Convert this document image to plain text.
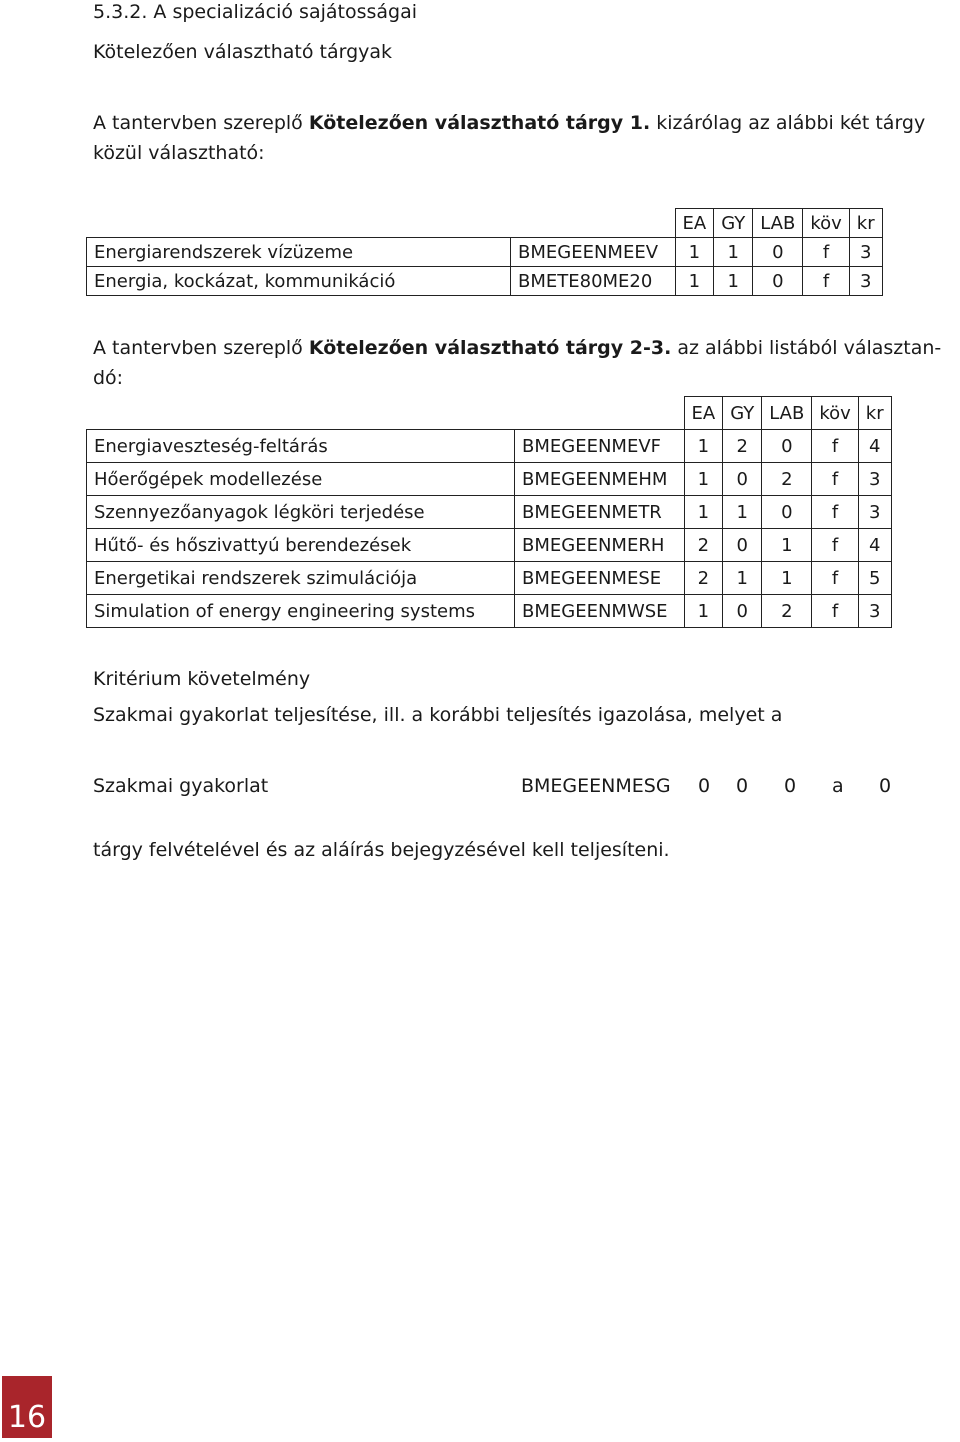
5.3.2. A specializáció sajátosságai
Kötelezően választható tárgyak
A tantervben szereplő Kötelezően választható tárgy 1. kizárólag az alábbi két tárgy
közül választható:
		EA	GY	LAB	köv	kr
Energiarendszerek vízüzeme	BMEGEENMEEV	1	1	0	f	3
Energia, kockázat, kommunikáció	BMETE80ME20	1	1	0	f	3
A tantervben szereplő Kötelezően választható tárgy 2-3. az alábbi listából választan-
dó:
		EA	GY	LAB	köv	kr
Energiaveszteség-feltárás	BMEGEENMEVF	1	2	0	f	4
Hőerőgépek modellezése	BMEGEENMEHM	1	0	2	f	3
Szennyezőanyagok légköri terjedése	BMEGEENMETR	1	1	0	f	3
Hűtő- és hőszivattyú berendezések	BMEGEENMERH	2	0	1	f	4
Energetikai rendszerek szimulációja	BMEGEENMESE	2	1	1	f	5
Simulation of energy engineering systems	BMEGEENMWSE	1	0	2	f	3
Kritérium követelmény
Szakmai gyakorlat teljesítése, ill. a korábbi teljesítés igazolása, melyet a
Szakmai gyakorlat	BMEGEENMESG 0 0 0 a 0
tárgy felvételével és az aláírás bejegyzésével kell teljesíteni.
16
